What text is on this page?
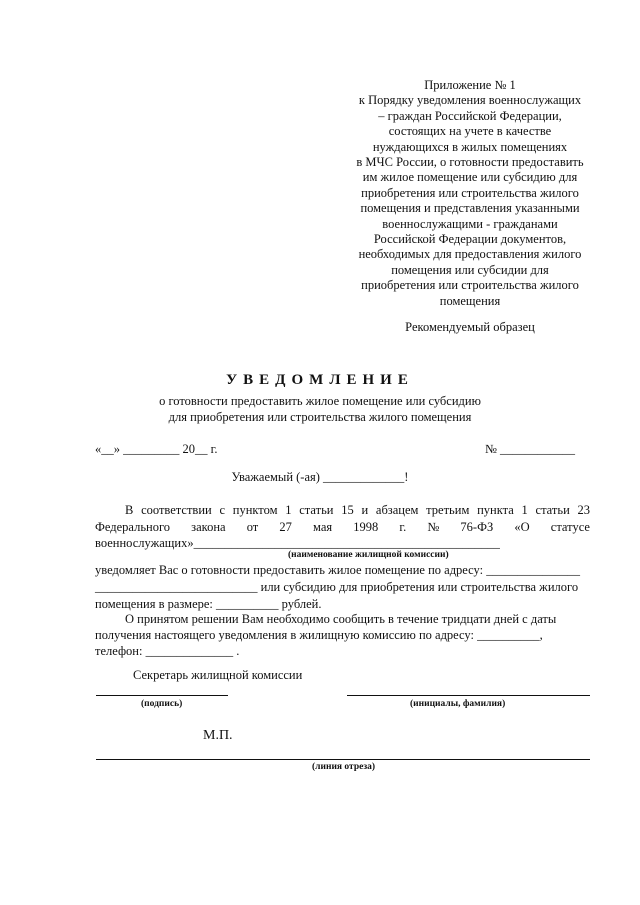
Приложение № 1
к Порядку уведомления военнослужащих
– граждан Российской Федерации,
состоящих на учете в качестве
нуждающихся в жилых помещениях
в МЧС России, о готовности предоставить
им жилое помещение или субсидию для
приобретения или строительства жилого
помещения и представления указанными
военнослужащими - гражданами
Российской Федерации документов,
необходимых для предоставления жилого
помещения или субсидии для
приобретения или строительства жилого
помещения
Рекомендуемый образец
УВЕДОМЛЕНИЕ
о готовности предоставить жилое помещение или субсидию
для приобретения или строительства жилого помещения
«__» _________ 20__ г.	№ ____________
Уважаемый (-ая) _____________!
В соответствии с пунктом 1 статьи 15 и абзацем третьим пункта 1 статьи 23
Федерального закона от 27 мая 1998 г. № 76-ФЗ «О статусе
военнослужащих»_________________________________________________
(наименование жилищной комиссии)
уведомляет Вас о готовности предоставить жилое помещение по адресу: _______________
__________________________ или субсидию для приобретения или строительства жилого
помещения в размере: __________ рублей.
О принятом решении Вам необходимо сообщить в течение тридцати дней с даты
получения настоящего уведомления в жилищную комиссию по адресу: __________,
телефон: ______________ .
Секретарь жилищной комиссии
(подпись)	(инициалы, фамилия)
М.П.
(линия отреза)
